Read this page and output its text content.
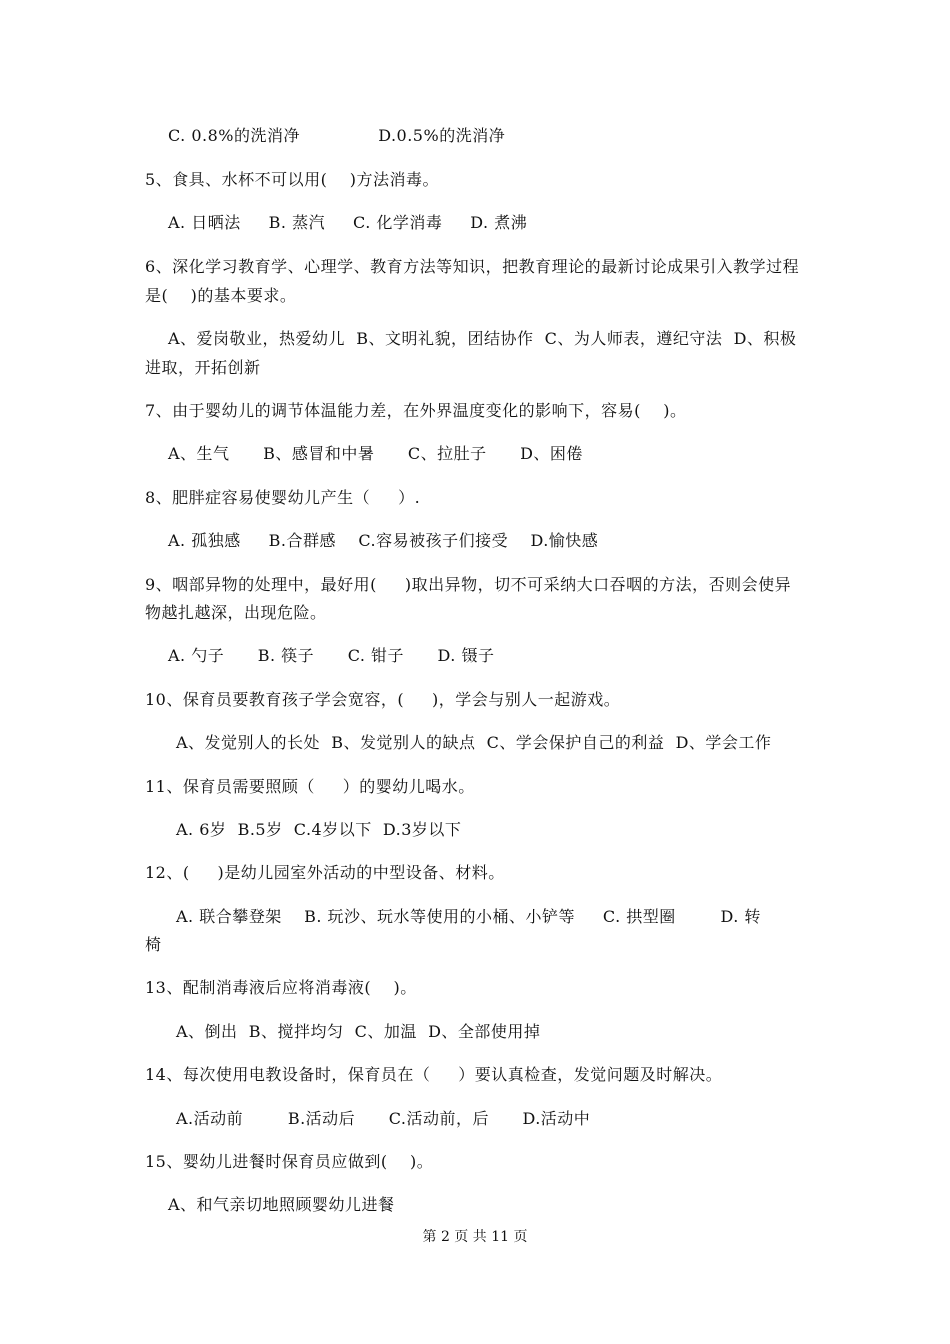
C. 0.8%的洗消净              D.0.5%的洗消净
5、食具、水杯不可以用(    )方法消毒。
A. 日晒法     B. 蒸汽     C. 化学消毒     D. 煮沸
6、深化学习教育学、心理学、教育方法等知识，把教育理论的最新讨论成果引入教学过程
是(    )的基本要求。
A、爱岗敬业，热爱幼儿  B、文明礼貌，团结协作  C、为人师表，遵纪守法  D、积极
进取，开拓创新
7、由于婴幼儿的调节体温能力差，在外界温度变化的影响下，容易(    )。
A、生气      B、感冒和中暑      C、拉肚子      D、困倦
8、肥胖症容易使婴幼儿产生（     ）.
A. 孤独感     B.合群感    C.容易被孩子们接受    D.愉快感
9、咽部异物的处理中，最好用(     )取出异物，切不可采纳大口吞咽的方法，否则会使异
物越扎越深，出现危险。
A. 勺子      B. 筷子      C. 钳子      D. 镊子
10、保育员要教育孩子学会宽容，(     )，学会与别人一起游戏。
A、发觉别人的长处  B、发觉别人的缺点  C、学会保护自己的利益  D、学会工作
11、保育员需要照顾（     ）的婴幼儿喝水。
A. 6岁  B.5岁  C.4岁以下  D.3岁以下
12、(     )是幼儿园室外活动的中型设备、材料。
A. 联合攀登架    B. 玩沙、玩水等使用的小桶、小铲等     C. 拱型圈        D. 转
椅
13、配制消毒液后应将消毒液(    )。
A、倒出  B、搅拌均匀  C、加温  D、全部使用掉
14、每次使用电教设备时，保育员在（     ）要认真检查，发觉问题及时解决。
A.活动前        B.活动后      C.活动前，后      D.活动中
15、婴幼儿进餐时保育员应做到(    )。
A、和气亲切地照顾婴幼儿进餐
第 2 页 共 11 页
